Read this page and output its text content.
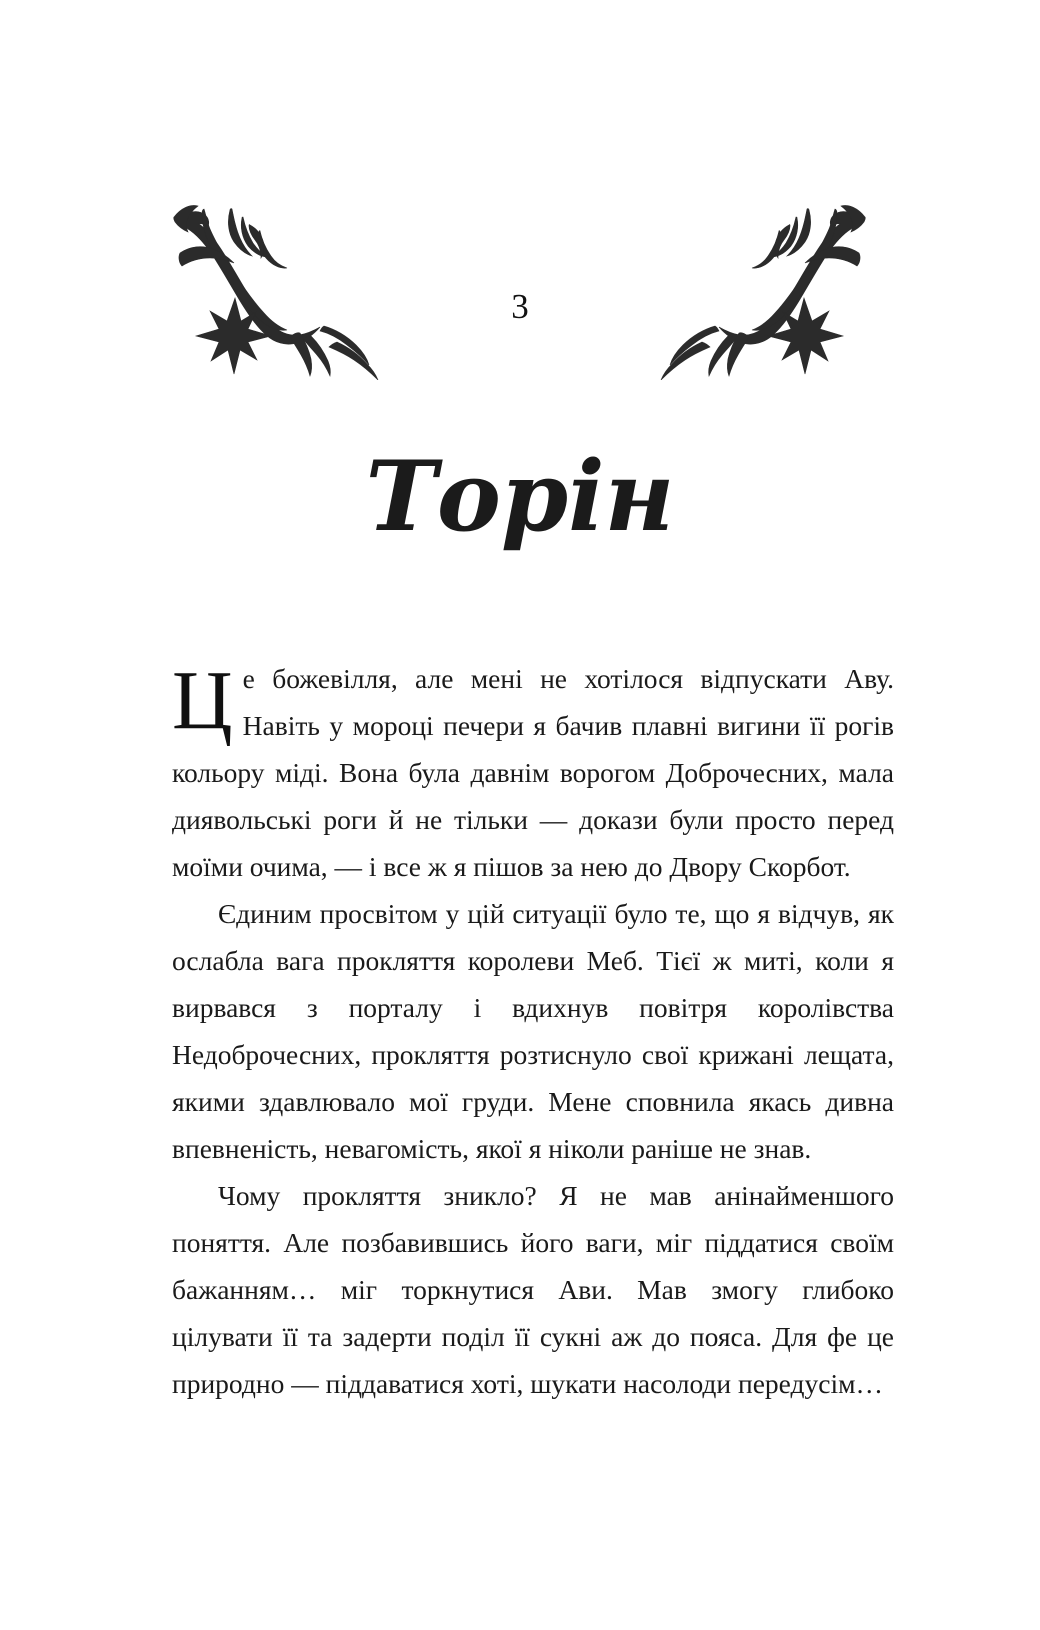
3
Торін

Це божевілля, але мені не хотілося відпускати Аву. Навіть у мороці печери я бачив плавні вигини її рогів кольору міді. Вона була давнім ворогом Доброчесних, мала диявольські роги й не тільки — докази були просто перед моїми очима, — і все ж я пішов за нею до Двору Скорбот.

Єдиним просвітом у цій ситуації було те, що я відчув, як ослабла вага прокляття королеви Меб. Тієї ж миті, коли я вирвався з порталу і вдихнув повітря королівства Недоброчесних, прокляття розтиснуло свої крижані лещата, якими здавлювало мої груди. Мене сповнила якась дивна впевненість, невагомість, якої я ніколи раніше не знав.

Чому прокляття зникло? Я не мав анінайменшого поняття. Але позбавившись його ваги, міг піддатися своїм бажанням… міг торкнутися Ави. Мав змогу глибоко цілувати її та задерти поділ її сукні аж до пояса. Для фе це природно — піддаватися хоті, шукати насолоди передусім…
